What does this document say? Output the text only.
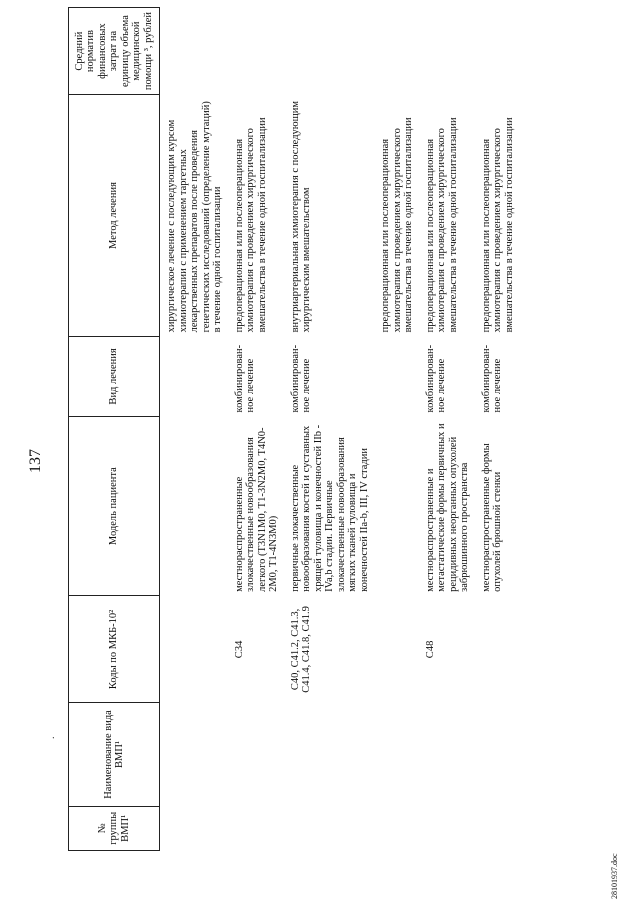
.
137
№ группы ВМП¹	Наименование вида ВМП¹	Коды по МКБ-10²	Модель пациента	Вид лечения	Метод лечения	Средний норматив финансовых затрат на единицу объема медицинской помощи ³, рублей
					хирургическое лечение с последующим курсом химиотерапии с применением таргетных лекарственных препаратов после проведения генетических исследований (определение мутаций) в течение одной госпитализации	
		C34	местнораспространенные злокачественные новообразования легкого (T3N1M0, T1-3N2M0, T4N0-2M0, T1-4N3M0)	комбинирован-ное лечение	предоперационная или послеоперационная химиотерапия с проведением хирургического вмешательства в течение одной госпитализации	
		C40, C41.2, C41.3, C41.4, C41.8, C41.9	первичные злокачественные новообразования костей и суставных хрящей туловища и конечностей IIb - IVa,b стадии. Первичные злокачественные новообразования мягких тканей туловища и конечностей IIa-b, III, IV стадии	комбинирован-ное лечение	внутриартериальная химиотерапия с последующим хирургическим вмешательством	
					предоперационная или послеоперационная химиотерапия с проведением хирургического вмешательства в течение одной госпитализации	
		C48	местнораспространенные и метастатические формы первичных и рецидивных неорганных опухолей забрюшинного пространства	комбинирован-ное лечение	предоперационная или послеоперационная химиотерапия с проведением хирургического вмешательства в течение одной госпитализации	
			местнораспространенные формы опухолей брюшной стенки	комбинирован-ное лечение	предоперационная или послеоперационная химиотерапия с проведением хирургического вмешательства в течение одной госпитализации	
28101937.doc
